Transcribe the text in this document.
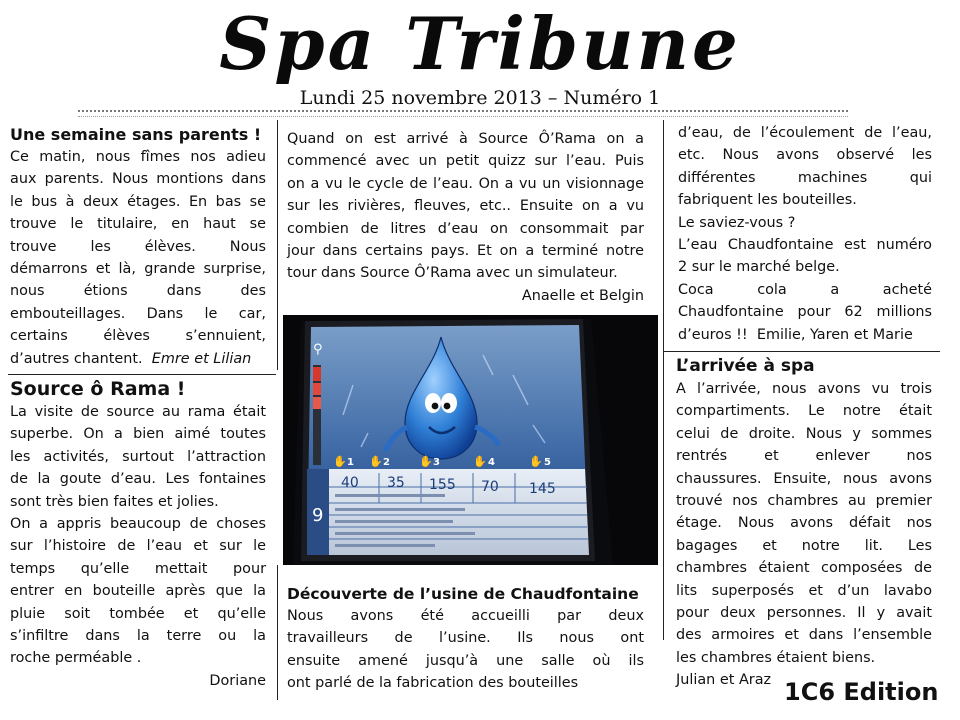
Spa Tribune
Lundi 25 novembre 2013 – Numéro 1

Une semaine sans parents !

Ce matin, nous fîmes nos adieu

aux parents. Nous montions dans

le bus à deux étages. En bas se

trouve le titulaire, en haut se

trouve les élèves. Nous

démarrons et là, grande surprise,

nous étions dans des

embouteillages. Dans le car,

certains élèves s’ennuient,

d’autres chantent. Emre et Lilian

Source ô Rama !

La visite de source au rama était

superbe. On a bien aimé toutes

les activités, surtout l’attraction

de la goute d’eau. Les fontaines

sont très bien faites et jolies.

On a appris beaucoup de choses

sur l’histoire de l’eau et sur le

temps qu’elle mettait pour

entrer en bouteille après que la

pluie soit tombée et qu’elle

s’infiltre dans la terre ou la

roche perméable .

Doriane

Quand on est arrivé à Source Ô’Rama on a

commencé avec un petit quizz sur l’eau. Puis

on a vu le cycle de l’eau. On a vu un visionnage

sur les rivières, fleuves, etc.. Ensuite on a vu

combien de litres d’eau on consommait par

jour dans certains pays. Et on a terminé notre

tour dans Source Ô’Rama avec un simulateur.

Anaelle et Belgin

⚲
✋ ✋	✋	✋	✋
1	2	3	4	5
9
40 35 155 70 145

Découverte de l’usine de Chaudfontaine

Nous avons été accueilli par deux

travailleurs de l’usine. Ils nous ont

ensuite amené jusqu’à une salle où ils

ont parlé de la fabrication des bouteilles

d’eau, de l’écoulement de l’eau,

etc. Nous avons observé les

différentes machines qui

fabriquent les bouteilles.

Le saviez-vous ?

L’eau Chaudfontaine est numéro

2 sur le marché belge.

Coca cola a acheté

Chaudfontaine pour 62 millions

d’euros !! Emilie, Yaren et Marie

L’arrivée à spa

A l’arrivée, nous avons vu trois

compartiments. Le notre était

celui de droite. Nous y sommes

rentrés et enlever nos

chaussures. Ensuite, nous avons

trouvé nos chambres au premier

étage. Nous avons défait nos

bagages et notre lit. Les

chambres étaient composées de

lits superposés et d’un lavabo

pour deux personnes. Il y avait

des armoires et dans l’ensemble

les chambres étaient biens.

Julian et Araz 1C6 Edition
